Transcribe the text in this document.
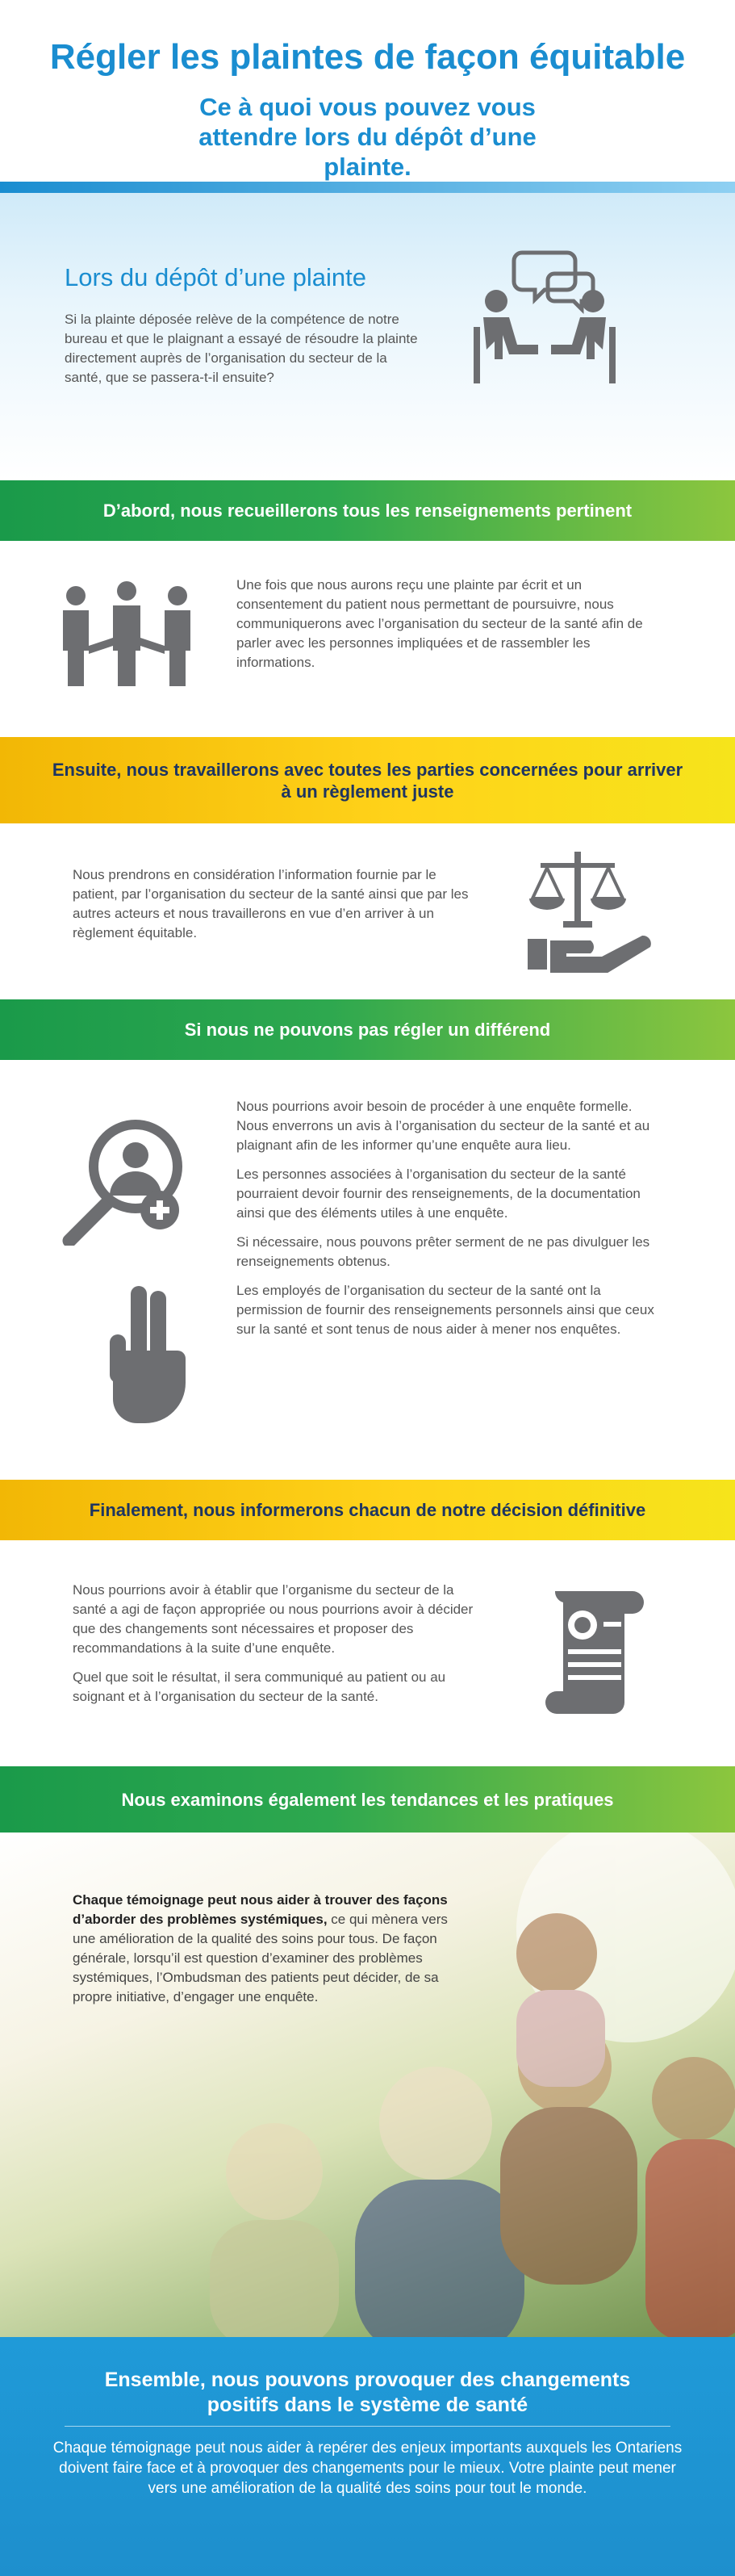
Régler les plaintes de façon équitable
Ce à quoi vous pouvez vous attendre lors du dépôt d’une plainte.
Lors du dépôt d’une plainte

Si la plainte déposée relève de la compétence de notre bureau et que le plaignant a essayé de résoudre la plainte directement auprès de l’organisation du secteur de la santé, que se passera-t-il ensuite?

D’abord, nous recueillerons tous les renseignements pertinent
Une fois que nous aurons reçu une plainte par écrit et un consentement du patient nous permettant de poursuivre, nous communiquerons avec l’organisation du secteur de la santé afin de parler avec les personnes impliquées et de rassembler les informations.
Ensuite, nous travaillerons avec toutes les parties concernées pour arriver à un règlement juste
Nous prendrons en considération l’information fournie par le patient, par l’organisation du secteur de la santé ainsi que par les autres acteurs et nous travaillerons en vue d’en arriver à un règlement équitable.
Si nous ne pouvons pas régler un différend

Nous pourrions avoir besoin de procéder à une enquête formelle. Nous enverrons un avis à l’organisation du secteur de la santé et au plaignant afin de les informer qu’une enquête aura lieu.

Les personnes associées à l’organisation du secteur de la santé pourraient devoir fournir des renseignements, de la documentation ainsi que des éléments utiles à une enquête.

Si nécessaire, nous pouvons prêter serment de ne pas divulguer les renseignements obtenus.

Les employés de l’organisation du secteur de la santé ont la permission de fournir des renseignements personnels ainsi que ceux sur la santé et sont tenus de nous aider à mener nos enquêtes.

Finalement, nous informerons chacun de notre décision définitive

Nous pourrions avoir à établir que l’organisme du secteur de la santé a agi de façon appropriée ou nous pourrions avoir à décider que des changements sont nécessaires et proposer des recommandations à la suite d’une enquête.

Quel que soit le résultat, il sera communiqué au patient ou au soignant et à l’organisation du secteur de la santé.

Nous examinons également les tendances et les pratiques
Chaque témoignage peut nous aider à trouver des façons d’aborder des problèmes systémiques, ce qui mènera vers une amélioration de la qualité des soins pour tous. De façon générale, lorsqu’il est question d’examiner des problèmes systémiques, l’Ombudsman des patients peut décider, de sa propre initiative, d’engager une enquête.
Ensemble, nous pouvons provoquer des changements positifs dans le système de santé

Chaque témoignage peut nous aider à repérer des enjeux importants auxquels les Ontariens doivent faire face et à provoquer des changements pour le mieux. Votre plainte peut mener vers une amélioration de la qualité des soins pour tout le monde.
